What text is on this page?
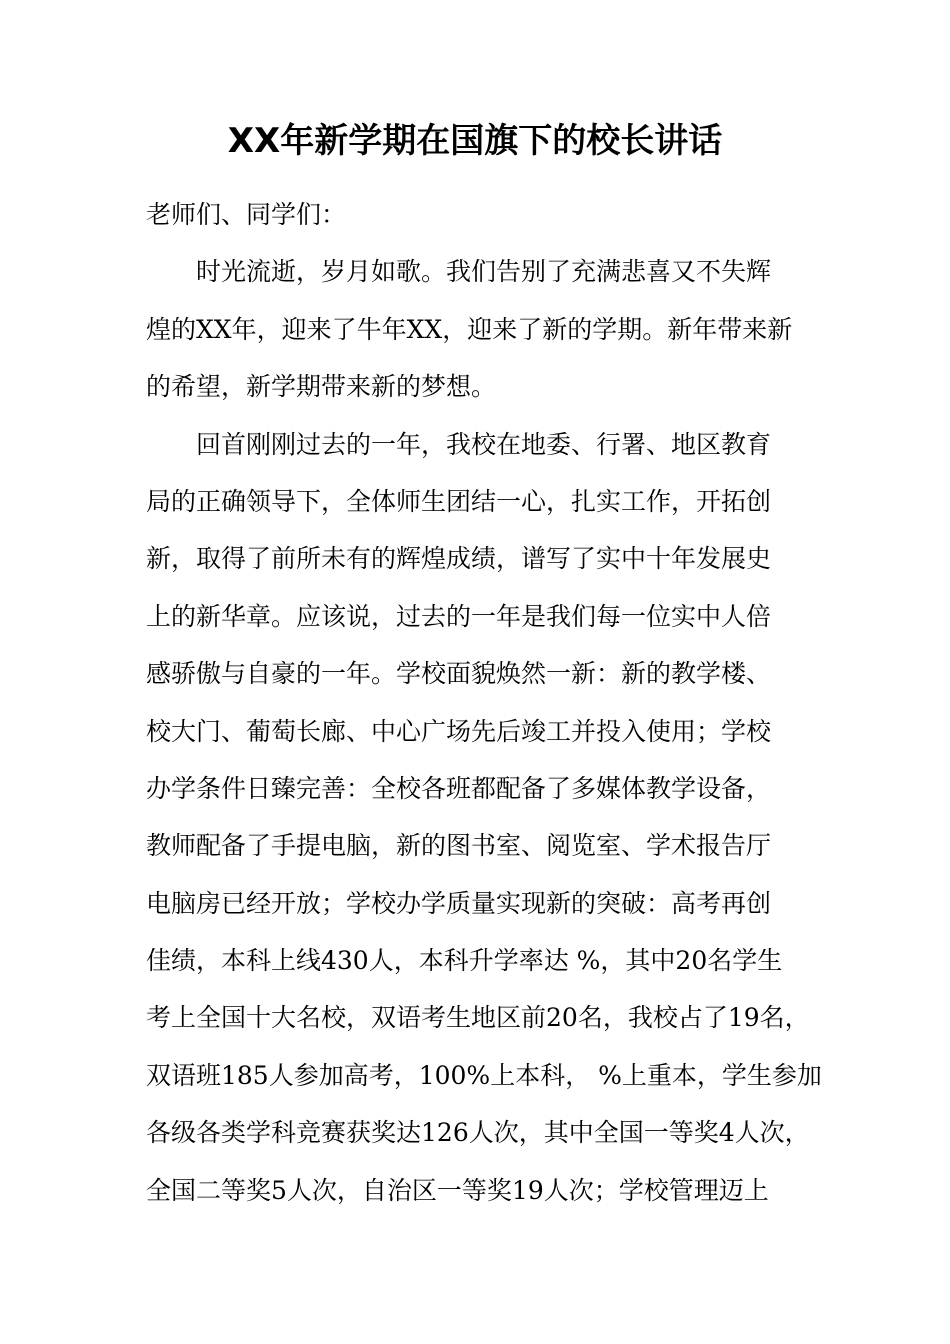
XX年新学期在国旗下的校长讲话
老师们、同学们：
时光流逝，岁月如歌。我们告别了充满悲喜又不失辉
煌的XX年，迎来了牛年XX，迎来了新的学期。新年带来新
的希望，新学期带来新的梦想。
回首刚刚过去的一年，我校在地委、行署、地区教育
局的正确领导下，全体师生团结一心，扎实工作，开拓创
新，取得了前所未有的辉煌成绩，谱写了实中十年发展史
上的新华章。应该说，过去的一年是我们每一位实中人倍
感骄傲与自豪的一年。学校面貌焕然一新：新的教学楼、
校大门、葡萄长廊、中心广场先后竣工并投入使用；学校
办学条件日臻完善：全校各班都配备了多媒体教学设备，
教师配备了手提电脑，新的图书室、阅览室、学术报告厅
电脑房已经开放；学校办学质量实现新的突破：高考再创
佳绩，本科上线430人，本科升学率达 %，其中20名学生
考上全国十大名校，双语考生地区前20名，我校占了19名，
双语班185人参加高考，100%上本科， %上重本，学生参加
各级各类学科竞赛获奖达126人次，其中全国一等奖4人次，
全国二等奖5人次，自治区一等奖19人次；学校管理迈上
